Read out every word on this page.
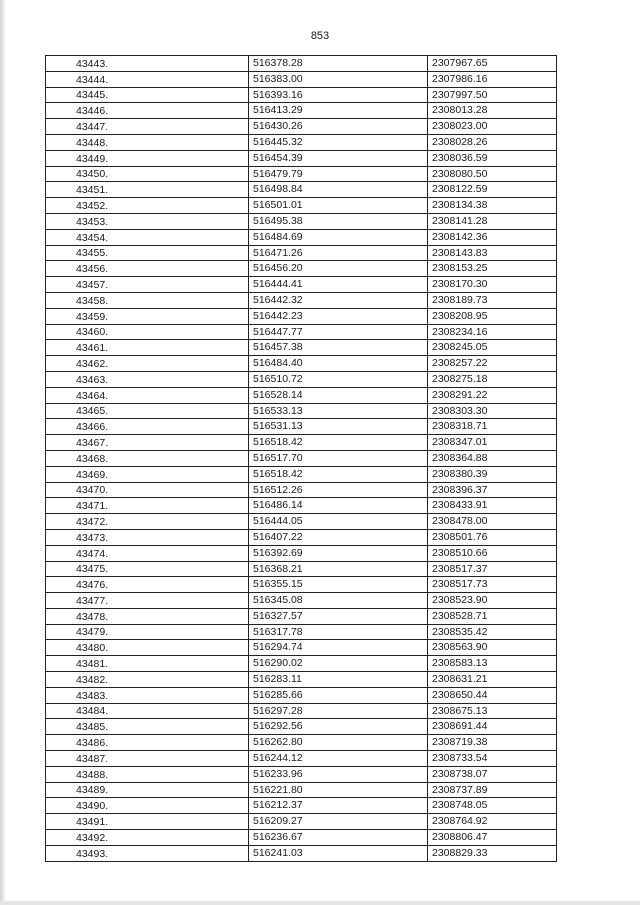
853
43443.	516378.28	2307967.65
43444.	516383.00	2307986.16
43445.	516393.16	2307997.50
43446.	516413.29	2308013.28
43447.	516430.26	2308023.00
43448.	516445.32	2308028.26
43449.	516454.39	2308036.59
43450.	516479.79	2308080.50
43451.	516498.84	2308122.59
43452.	516501.01	2308134.38
43453.	516495.38	2308141.28
43454.	516484.69	2308142.36
43455.	516471.26	2308143.83
43456.	516456.20	2308153.25
43457.	516444.41	2308170.30
43458.	516442.32	2308189.73
43459.	516442.23	2308208.95
43460.	516447.77	2308234.16
43461.	516457.38	2308245.05
43462.	516484.40	2308257.22
43463.	516510.72	2308275.18
43464.	516528.14	2308291.22
43465.	516533.13	2308303.30
43466.	516531.13	2308318.71
43467.	516518.42	2308347.01
43468.	516517.70	2308364.88
43469.	516518.42	2308380.39
43470.	516512.26	2308396.37
43471.	516486.14	2308433.91
43472.	516444.05	2308478.00
43473.	516407.22	2308501.76
43474.	516392.69	2308510.66
43475.	516368.21	2308517.37
43476.	516355.15	2308517.73
43477.	516345.08	2308523.90
43478.	516327.57	2308528.71
43479.	516317.78	2308535.42
43480.	516294.74	2308563.90
43481.	516290.02	2308583.13
43482.	516283.11	2308631.21
43483.	516285.66	2308650.44
43484.	516297.28	2308675.13
43485.	516292.56	2308691.44
43486.	516262.80	2308719.38
43487.	516244.12	2308733.54
43488.	516233.96	2308738.07
43489.	516221.80	2308737.89
43490.	516212.37	2308748.05
43491.	516209.27	2308764.92
43492.	516236.67	2308806.47
43493.	516241.03	2308829.33
